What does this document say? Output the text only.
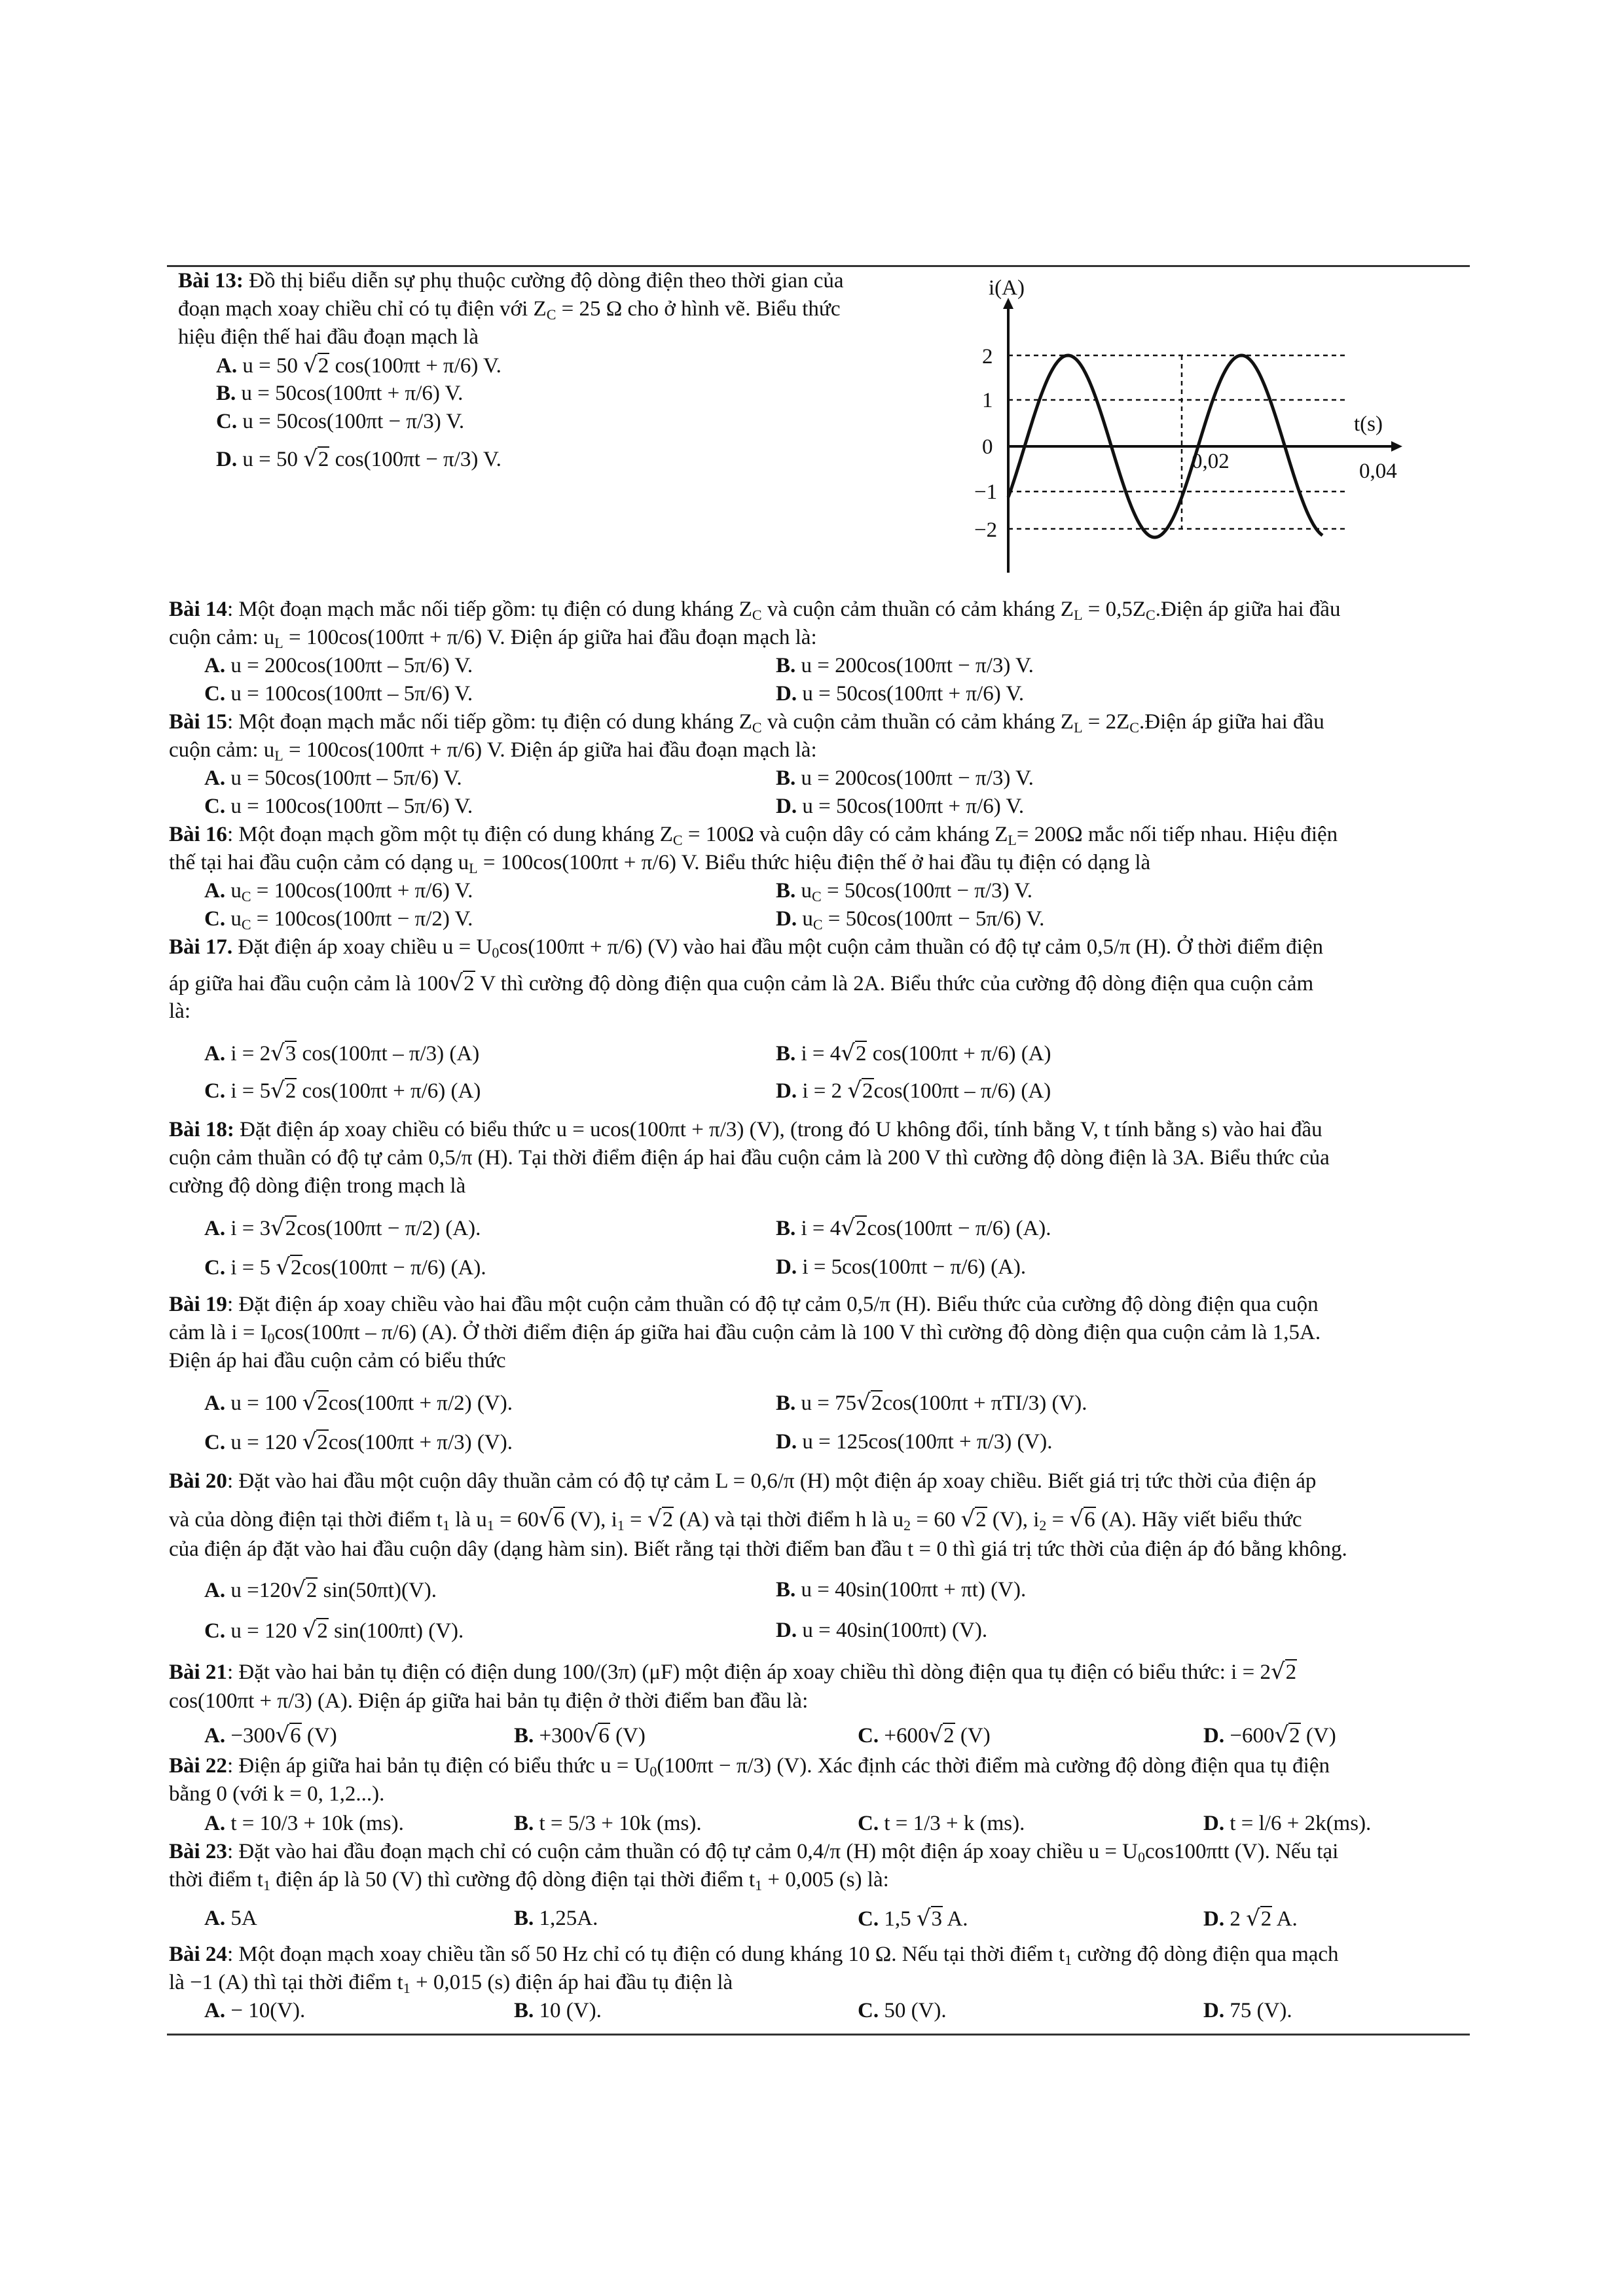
Bài 13: Đồ thị biểu diễn sự phụ thuộc cường độ dòng điện theo thời gian của
đoạn mạch xoay chiều chỉ có tụ điện với $Z_C = 25$ Ω cho ở hình vẽ. Biểu thức
hiệu điện thế hai đầu đoạn mạch là
A. u = 50 √2 cos(100πt + π/6) V.
B. u = 50cos(100πt + π/6) V.
C. u = 50cos(100πt − π/3) V.
D. u = 50 √2 cos(100πt − π/3) V.
i(A)
t(s)
2
1
0
−1
−2
0,02	0,04

Bài 14: Một đoạn mạch mắc nối tiếp gồm: tụ điện có dung kháng $Z_C$ và cuộn cảm thuần có cảm kháng $Z_L$ = $0,5Z_C.Điện$ áp giữa hai đầu

cuộn cảm: $u_L = 100\cos(100\pi t + \pi/6)$ V. Điện áp giữa hai đầu đoạn mạch là:

A. u = 200cos(100πt – 5π/6) V.	B. u = 200cos(100πt − π/3) V.
C. u = 100cos(100πt – 5π/6) V.	D. u = 50cos(100πt + π/6) V.

Bài 15: Một đoạn mạch mắc nối tiếp gồm: tụ điện có dung kháng $Z_C$ và cuộn cảm thuần có cảm kháng $Z_L$ = $2Z_C.Điện$ áp giữa hai đầu

cuộn cảm: $u_L = 100\cos(100\pi t + \pi/6)$ V. Điện áp giữa hai đầu đoạn mạch là:

A. u = 50cos(100πt – 5π/6) V.	B. u = 200cos(100πt − π/3) V.
C. u = 100cos(100πt – 5π/6) V.	D. u = 50cos(100πt + π/6) V.

Bài 16: Một đoạn mạch gồm một tụ điện có dung kháng $Z_C = 100\Omega$ và cuộn dây có cảm kháng $Z_L= 200\Omega$ mắc nối tiếp nhau. Hiệu điện

thế tại hai đầu cuộn cảm có dạng $u_L = 100\cos(100\pi t + \pi/6)$ V. Biểu thức hiệu điện thế ở hai đầu tụ điện có dạng là

A. $u_C = 100\cos(100\pi t + \pi/6)$ V.	B. $u_C = 50\cos(100\pi t - \pi/3)$ V.
C. $u_C = 100\cos(100\pi t - \pi/2)$ V.	D. $u_C = 50\cos(100\pi t - 5\pi/6)$ V.

Bài 17. Đặt điện áp xoay chiều $u = U_0\cos(100\pi t + \pi/6)$ (V) vào hai đầu một cuộn cảm thuần có độ tự cảm 0,5/π (H). Ở thời điểm điện

áp giữa hai đầu cuộn cảm là 100√2 V thì cường độ dòng điện qua cuộn cảm là 2A. Biểu thức của cường độ dòng điện qua cuộn cảm

là:

A. i = 2√3 cos(100πt – π/3) (A)	B. i = 4√2 cos(100πt + π/6) (A)
C. i = 5√2 cos(100πt + π/6) (A)	D. i = 2 √2cos(100πt – π/6) (A)

Bài 18: Đặt điện áp xoay chiều có biểu thức u = ucos(100πt + π/3) (V), (trong đó U không đổi, tính bằng V, t tính bằng s) vào hai đầu

cuộn cảm thuần có độ tự cảm 0,5/π (H). Tại thời điểm điện áp hai đầu cuộn cảm là 200 V thì cường độ dòng điện là 3A. Biểu thức của

cường độ dòng điện trong mạch là

A. i = 3√2cos(100πt − π/2) (A).	B. i = 4√2cos(100πt − π/6) (A).
C. i = 5 √2cos(100πt − π/6) (A).	D. i = 5cos(100πt − π/6) (A).

Bài 19: Đặt điện áp xoay chiều vào hai đầu một cuộn cảm thuần có độ tự cảm 0,5/π (H). Biểu thức của cường độ dòng điện qua cuộn

cảm là $i = I_0\cos(100\pi t - \pi/6)$ (A). Ở thời điểm điện áp giữa hai đầu cuộn cảm là 100 V thì cường độ dòng điện qua cuộn cảm là 1,5A.

Điện áp hai đầu cuộn cảm có biểu thức

A. u = 100 √2cos(100πt + π/2) (V).	B. u = 75√2cos(100πt + πTI/3) (V).
C. u = 120 √2cos(100πt + π/3) (V).	D. u = 125cos(100πt + π/3) (V).

Bài 20: Đặt vào hai đầu một cuộn dây thuần cảm có độ tự cảm L = 0,6/π (H) một điện áp xoay chiều. Biết giá trị tức thời của điện áp

và của dòng điện tại thời điểm $t_1$ là $u_1 = 60√6$ (V), $i_1 = √2$ (A) và tại thời điểm h là $u_2 = 60$ √2 (V), $i_2 = √6$ (A). Hãy viết biểu thức

của điện áp đặt vào hai đầu cuộn dây (dạng hàm sin). Biết rằng tại thời điểm ban đầu t = 0 thì giá trị tức thời của điện áp đó bằng không.

A. u =120√2 sin(50πt)(V).	B. u = 40sin(100πt + πt) (V).
C. u = 120 √2 sin(100πt) (V).	D. u = 40sin(100πt) (V).

Bài 21: Đặt vào hai bản tụ điện có điện dung 100/(3π) (μF) một điện áp xoay chiều thì dòng điện qua tụ điện có biểu thức: i = 2√2

cos(100πt + π/3) (A). Điện áp giữa hai bản tụ điện ở thời điểm ban đầu là:

A. −300√6 (V)	B. +300√6 (V)	C. +600√2 (V)	D. −600√2 (V)

Bài 22: Điện áp giữa hai bản tụ điện có biểu thức $u = U_0(100\pi t - \pi/3)$ (V). Xác định các thời điểm mà cường độ dòng điện qua tụ điện

bằng 0 (với k = 0, 1,2...).

A. t = 10/3 + 10k (ms).	B. t = 5/3 + 10k (ms).	C. t = 1/3 + k (ms).	D. t = l/6 + 2k(ms).

Bài 23: Đặt vào hai đầu đoạn mạch chỉ có cuộn cảm thuần có độ tự cảm 0,4/π (H) một điện áp xoay chiều $u = U_0\cos 100\pi tt$ (V). Nếu tại

thời điểm $t_1$ điện áp là 50 (V) thì cường độ dòng điện tại thời điểm $t_1 + 0,005$ (s) là:

A. 5A	B. 1,25A.	C. 1,5 √3 A.	D. 2 √2 A.

Bài 24: Một đoạn mạch xoay chiều tần số 50 Hz chỉ có tụ điện có dung kháng 10 Ω. Nếu tại thời điểm $t_1$ cường độ dòng điện qua mạch

là −1 (A) thì tại thời điểm $t_1 + 0,015$ (s) điện áp hai đầu tụ điện là

A. − 10(V).	B. 10 (V).	C. 50 (V).	D. 75 (V).
